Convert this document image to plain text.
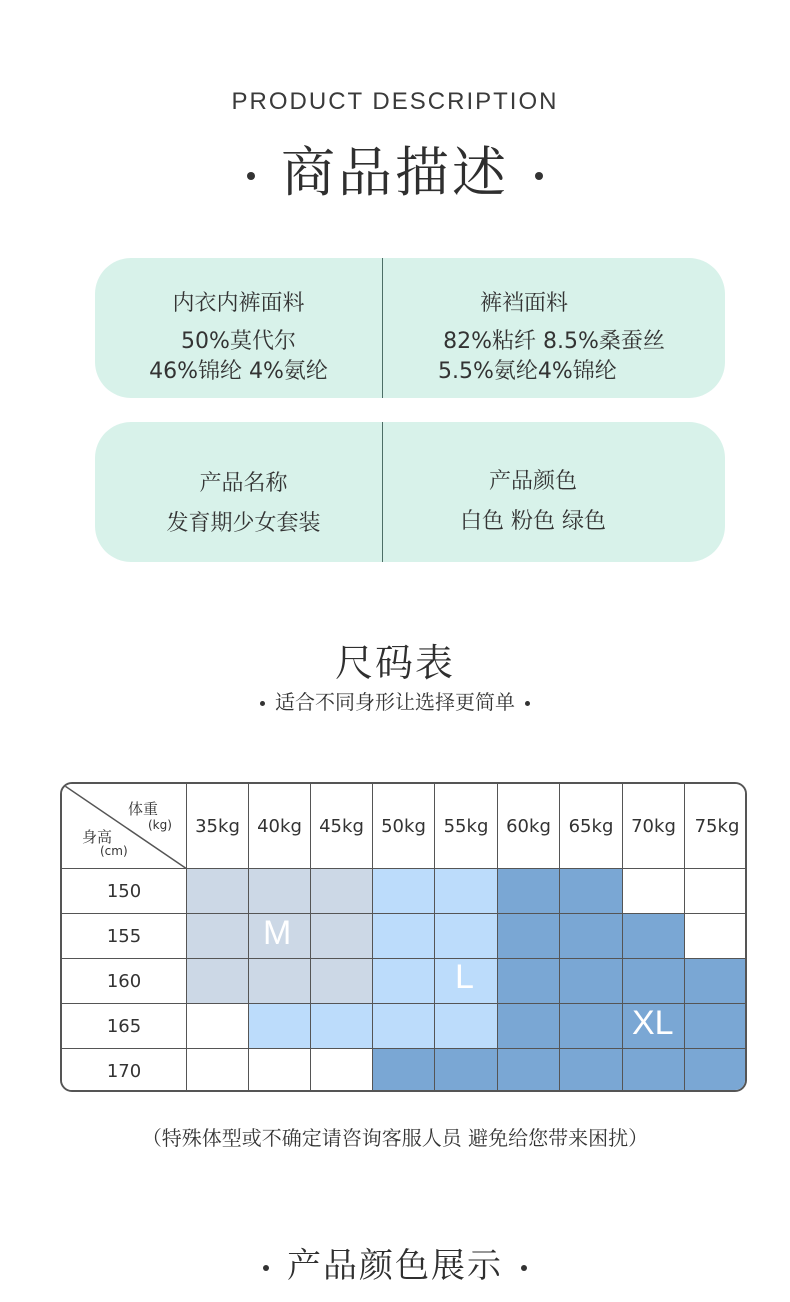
PRODUCT DESCRIPTION
商品描述
内衣内裤面料
50%莫代尔
46%锦纶 4%氨纶
裤裆面料
82%粘纤 8.5%桑蚕丝
5.5%氨纶4%锦纶
产品名称
发育期少女套装
产品颜色
白色 粉色 绿色
尺码表
适合不同身形让选择更简单
体重
(kg)
身高
(cm)
35kg 40kg 45kg 50kg 55kg 60kg 65kg 70kg	75kg
150
155
160
165
170
M
L
XL
（特殊体型或不确定请咨询客服人员 避免给您带来困扰）
产品颜色展示
